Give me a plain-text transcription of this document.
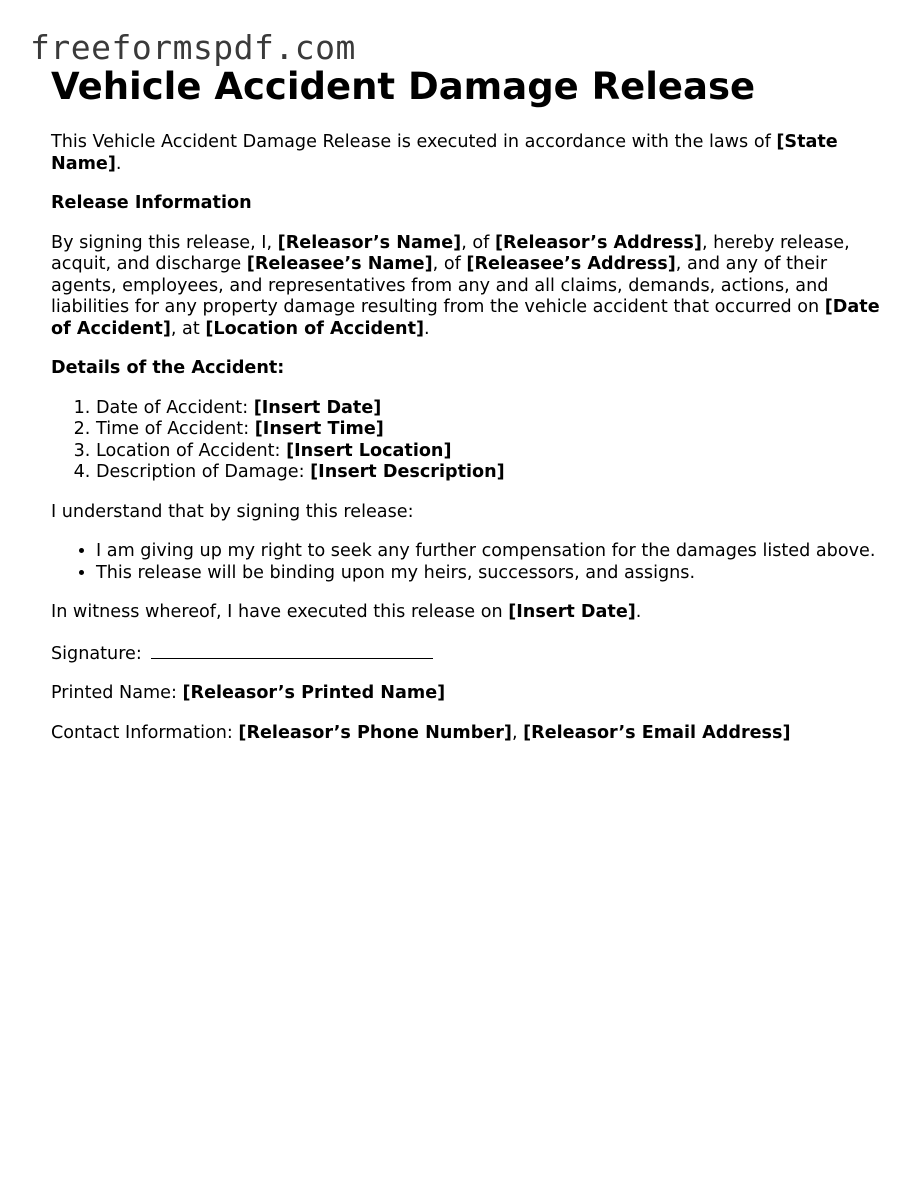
freeformspdf.com
Vehicle Accident Damage Release

This Vehicle Accident Damage Release is executed in accordance with the laws of [State Name].

Release Information

By signing this release, I, [Releasor’s Name], of [Releasor’s Address], hereby release, acquit, and discharge [Releasee’s Name], of [Releasee’s Address], and any of their agents, employees, and representatives from any and all claims, demands, actions, and liabilities for any property damage resulting from the vehicle accident that occurred on [Date of Accident], at [Location of Accident].

Details of the Accident:

1. Date of Accident: [Insert Date]
2. Time of Accident: [Insert Time]
3. Location of Accident: [Insert Location]
4. Description of Damage: [Insert Description]

I understand that by signing this release:

• I am giving up my right to seek any further compensation for the damages listed above.
• This release will be binding upon my heirs, successors, and assigns.

In witness whereof, I have executed this release on [Insert Date].

Signature:

Printed Name: [Releasor’s Printed Name]

Contact Information: [Releasor’s Phone Number], [Releasor’s Email Address]
